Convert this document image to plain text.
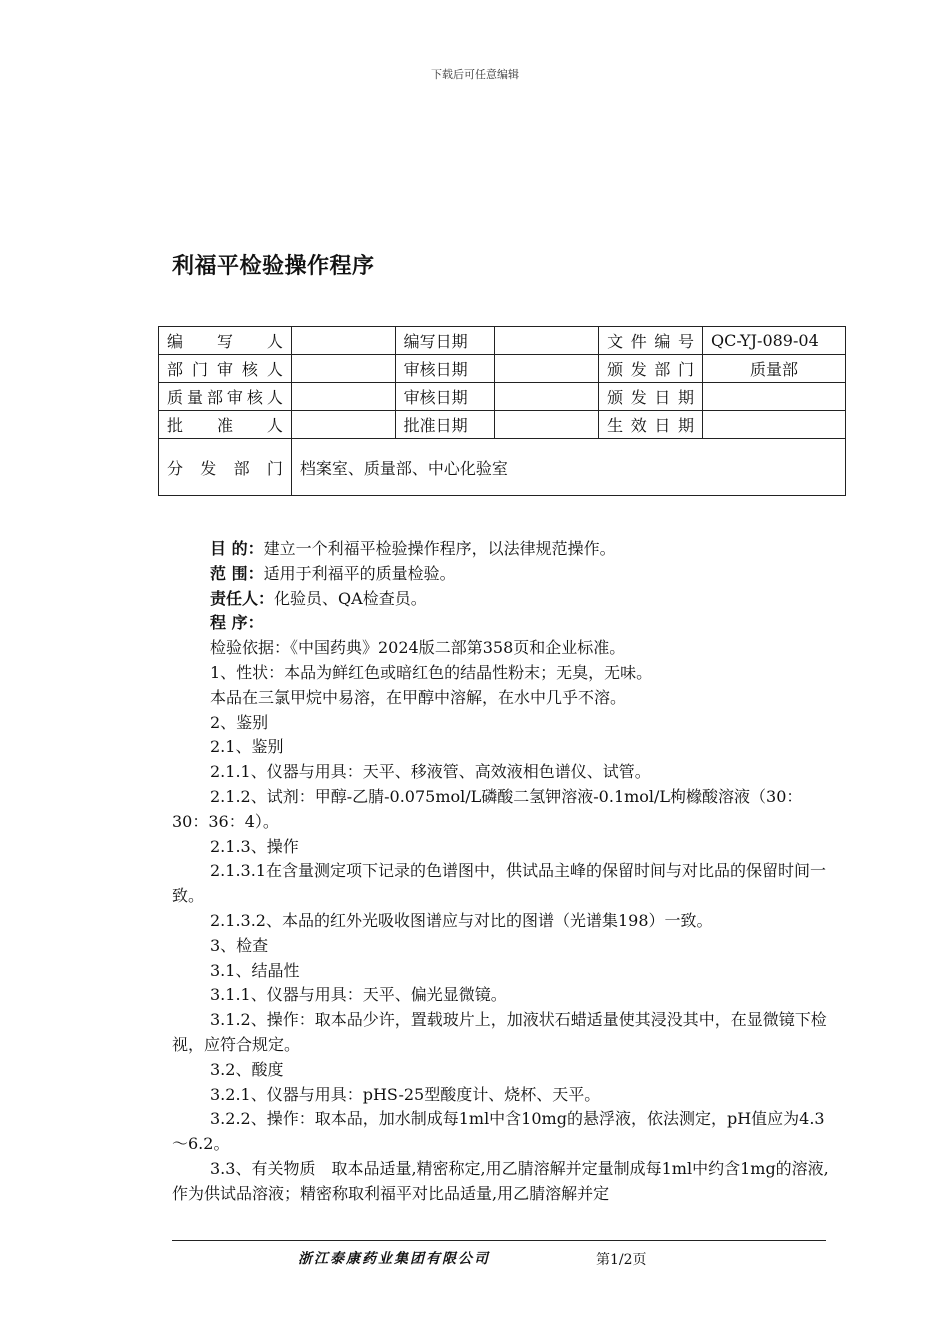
下载后可任意编辑
利福平检验操作程序
编写人		编写日期		文件编号	QC-YJ-089-04
部门审核人		审核日期		颁发部门	质量部
质量部审核人		审核日期		颁发日期	
批准人		批准日期		生效日期	
分发部门	档案室、质量部、中心化验室				

目 的：建立一个利福平检验操作程序，以法律规范操作。

范 围：适用于利福平的质量检验。

责任人：化验员、QA检查员。

程 序：

检验依据：《中国药典》2024版二部第358页和企业标准。

1、性状：本品为鲜红色或暗红色的结晶性粉末；无臭，无味。

本品在三氯甲烷中易溶，在甲醇中溶解，在水中几乎不溶。

2、鉴别

2.1、鉴别

2.1.1、仪器与用具：天平、移液管、高效液相色谱仪、试管。

2.1.2、试剂：甲醇-乙腈-0.075mol/L磷酸二氢钾溶液-0.1mol/L枸橼酸溶液（30：30：36：4）。

2.1.3、操作

2.1.3.1在含量测定项下记录的色谱图中，供试品主峰的保留时间与对比品的保留时间一致。

2.1.3.2、本品的红外光吸收图谱应与对比的图谱（光谱集198）一致。

3、检查

3.1、结晶性

3.1.1、仪器与用具：天平、偏光显微镜。

3.1.2、操作：取本品少许，置载玻片上，加液状石蜡适量使其浸没其中，在显微镜下检视，应符合规定。

3.2、酸度

3.2.1、仪器与用具：pHS-25型酸度计、烧杯、天平。

3.2.2、操作：取本品，加水制成每1ml中含10mg的悬浮液，依法测定，pH值应为4.3～6.2。

3.3、有关物质　取本品适量,精密称定,用乙腈溶解并定量制成每1ml中约含1mg的溶液,作为供试品溶液；精密称取利福平对比品适量,用乙腈溶解并定

浙江泰康药业集团有限公司	第1/2页
